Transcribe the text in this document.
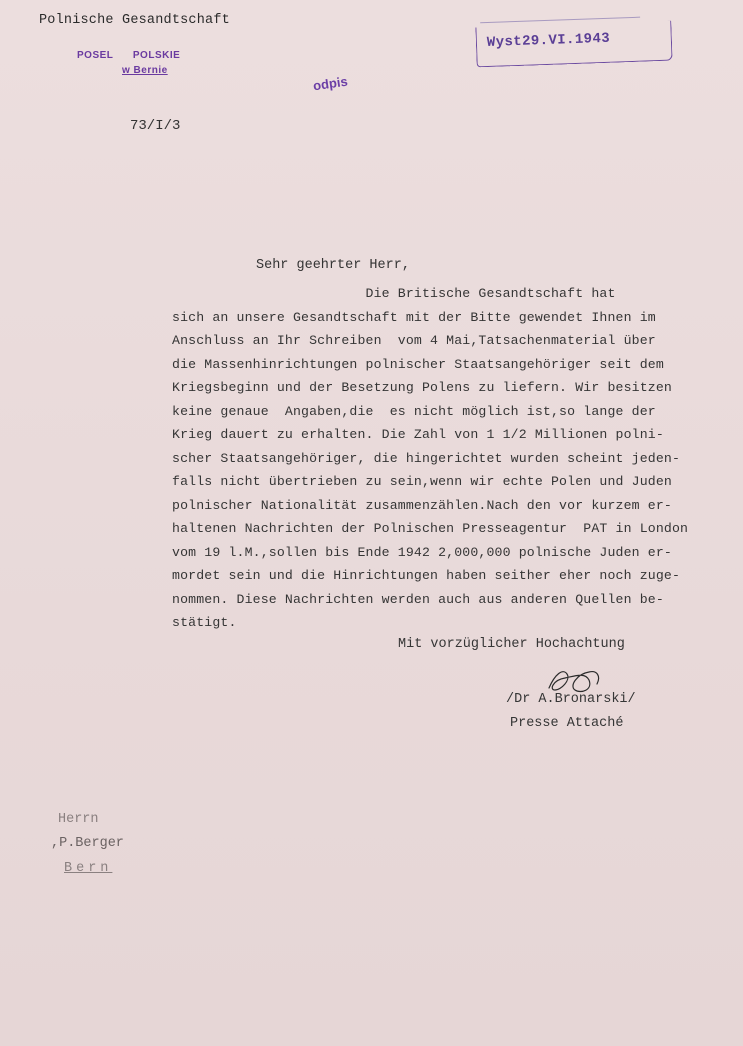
Polnische Gesandtschaft
POSEL      POLSKIE
w Bernie
odpis
Wyst29.VI.1943
73/I/3
Sehr geehrter Herr,
Die Britische Gesandtschaft hat
sich an unsere Gesandtschaft mit der Bitte gewendet Ihnen im
Anschluss an Ihr Schreiben  vom 4 Mai,Tatsachenmaterial über
die Massenhinrichtungen polnischer Staatsangehöriger seit dem
Kriegsbeginn und der Besetzung Polens zu liefern. Wir besitzen
keine genaue  Angaben,die  es nicht möglich ist,so lange der
Krieg dauert zu erhalten. Die Zahl von 1 1/2 Millionen polni-
scher Staatsangehöriger, die hingerichtet wurden scheint jeden-
falls nicht übertrieben zu sein,wenn wir echte Polen und Juden
polnischer Nationalität zusammenzählen.Nach den vor kurzem er-
haltenen Nachrichten der Polnischen Presseagentur  PAT in London
vom 19 l.M.,sollen bis Ende 1942 2,000,000 polnische Juden er-
mordet sein und die Hinrichtungen haben seither eher noch zuge-
nommen. Diese Nachrichten werden auch aus anderen Quellen be-
stätigt.
Mit vorzüglicher Hochachtung
/Dr A.Bronarski/
Presse Attaché
Herrn
,P.Berger
Bern
